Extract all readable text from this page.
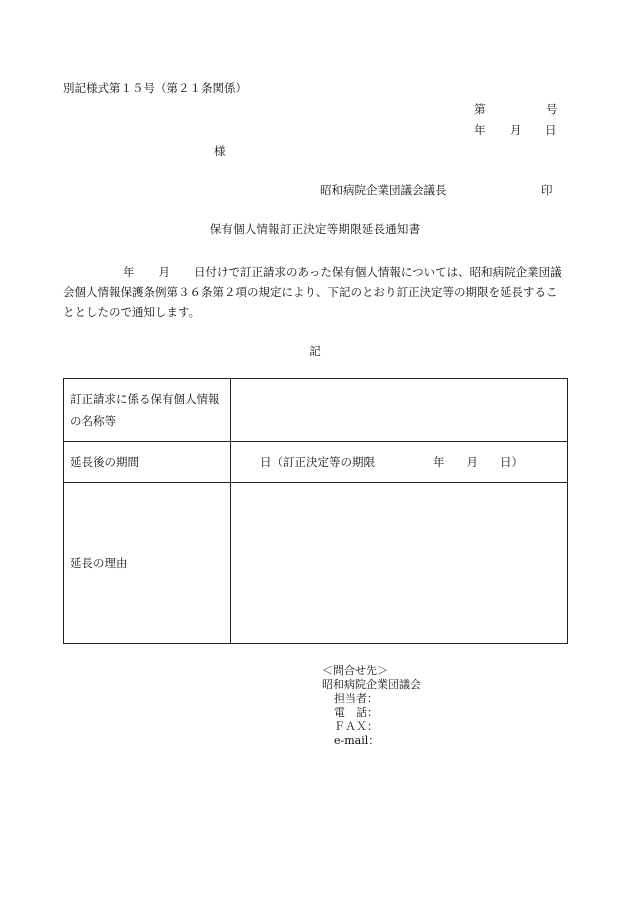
別記様式第１５号（第２１条関係）
第	号
年 月 日
様
昭和病院企業団議会議長	印
保有個人情報訂正決定等期限延長通知書
年 月 日付けで訂正請求のあった保有個人情報については、昭和病院企業団議
会個人情報保護条例第３６条第２項の規定により、下記のとおり訂正決定等の期限を延長するこ
ととしたので通知します。
記
訂正請求に係る保有個人情報
の名称等	

延長後の期間	日（訂正決定等の期限 年 月 日）
延長の理由	
＜問合せ先＞
昭和病院企業団議会
担当者：
電　話：
ＦＡＸ：
e-mail：
